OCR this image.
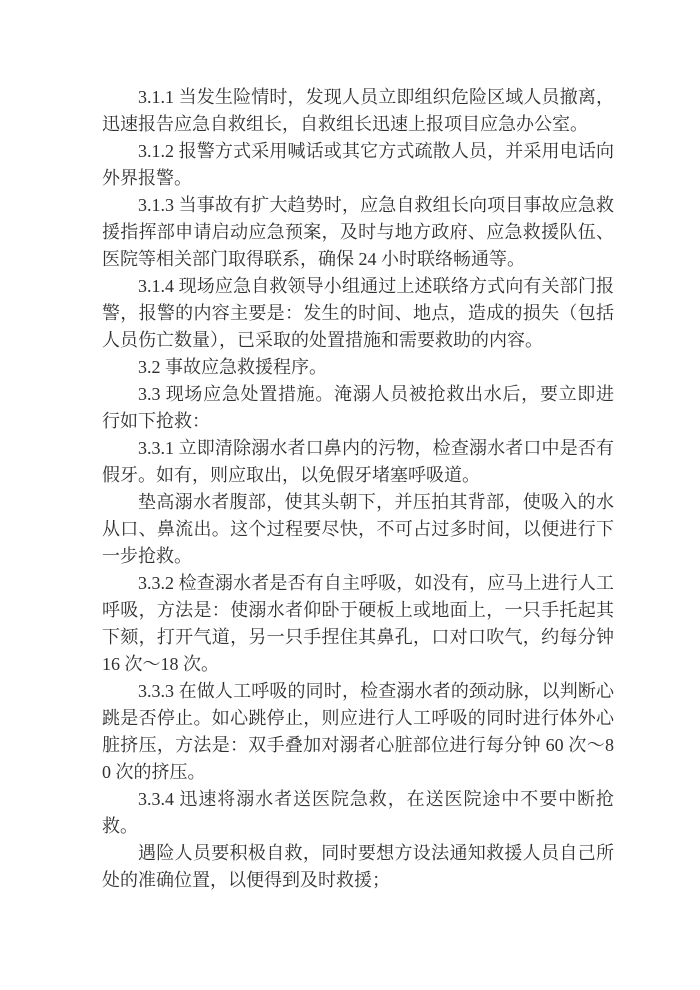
3.1.1 当发生险情时，发现人员立即组织危险区域人员撤离，迅速报告应急自救组长，自救组长迅速上报项目应急办公室。

3.1.2 报警方式采用喊话或其它方式疏散人员，并采用电话向外界报警。

3.1.3 当事故有扩大趋势时，应急自救组长向项目事故应急救援指挥部申请启动应急预案，及时与地方政府、应急救援队伍、医院等相关部门取得联系，确保 24 小时联络畅通等。

3.1.4 现场应急自救领导小组通过上述联络方式向有关部门报警，报警的内容主要是：发生的时间、地点，造成的损失（包括人员伤亡数量），已采取的处置措施和需要救助的内容。

3.2 事故应急救援程序。

3.3 现场应急处置措施。淹溺人员被抢救出水后，要立即进行如下抢救：

3.3.1 立即清除溺水者口鼻内的污物，检查溺水者口中是否有假牙。如有，则应取出，以免假牙堵塞呼吸道。

垫高溺水者腹部，使其头朝下，并压拍其背部，使吸入的水从口、鼻流出。这个过程要尽快，不可占过多时间，以便进行下一步抢救。

3.3.2 检查溺水者是否有自主呼吸，如没有，应马上进行人工呼吸，方法是：使溺水者仰卧于硬板上或地面上，一只手托起其下颏，打开气道，另一只手捏住其鼻孔，口对口吹气，约每分钟 16 次～18 次。

3.3.3 在做人工呼吸的同时，检查溺水者的颈动脉，以判断心跳是否停止。如心跳停止，则应进行人工呼吸的同时进行体外心脏挤压，方法是：双手叠加对溺者心脏部位进行每分钟 60 次～80 次的挤压。

3.3.4 迅速将溺水者送医院急救，在送医院途中不要中断抢救。

遇险人员要积极自救，同时要想方设法通知救援人员自己所处的准确位置，以便得到及时救援；
